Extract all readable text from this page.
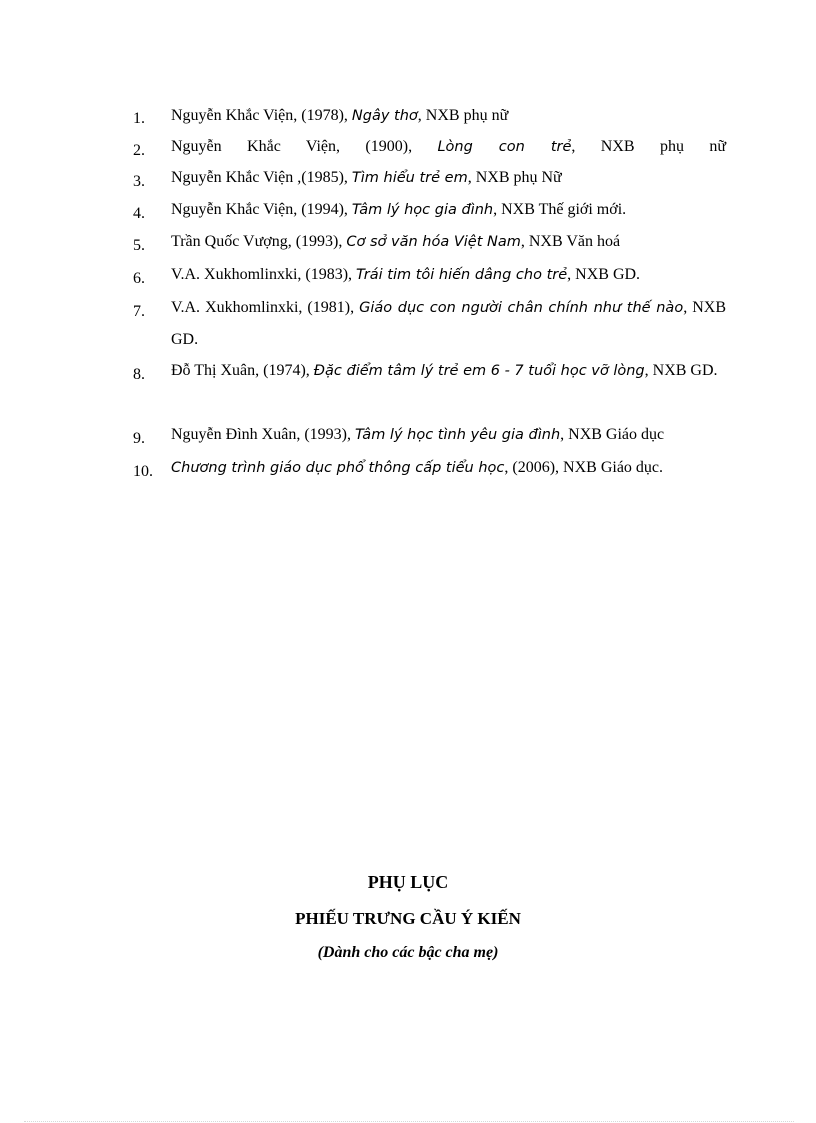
1. Nguyễn Khắc Viện, (1978), Ngây thơ, NXB phụ nữ
2. Nguyễn Khắc Viện, (1900), Lòng con trẻ, NXB phụ nữ
3. Nguyễn Khắc Viện ,(1985), Tìm hiểu trẻ em, NXB phụ Nữ
4. Nguyễn Khắc Viện, (1994), Tâm lý học gia đình, NXB Thế giới mới.
5. Trần Quốc Vượng, (1993), Cơ sở văn hóa Việt Nam, NXB Văn hoá
6. V.A. Xukhomlinxki, (1983), Trái tim tôi hiến dâng cho trẻ, NXB GD.
7. V.A. Xukhomlinxki, (1981), Giáo dục con người chân chính như thế nào, NXB GD.
8. Đỗ Thị Xuân, (1974), Đặc điểm tâm lý trẻ em 6 - 7 tuổi học vỡ lòng, NXB GD.
9. Nguyễn Đình Xuân, (1993), Tâm lý học tình yêu gia đình, NXB Giáo dục
10. Chương trình giáo dục phổ thông cấp tiểu học, (2006), NXB Giáo dục.
PHỤ LỤC
PHIẾU TRƯNG CẦU Ý KIẾN
(Dành cho các bậc cha mẹ)
